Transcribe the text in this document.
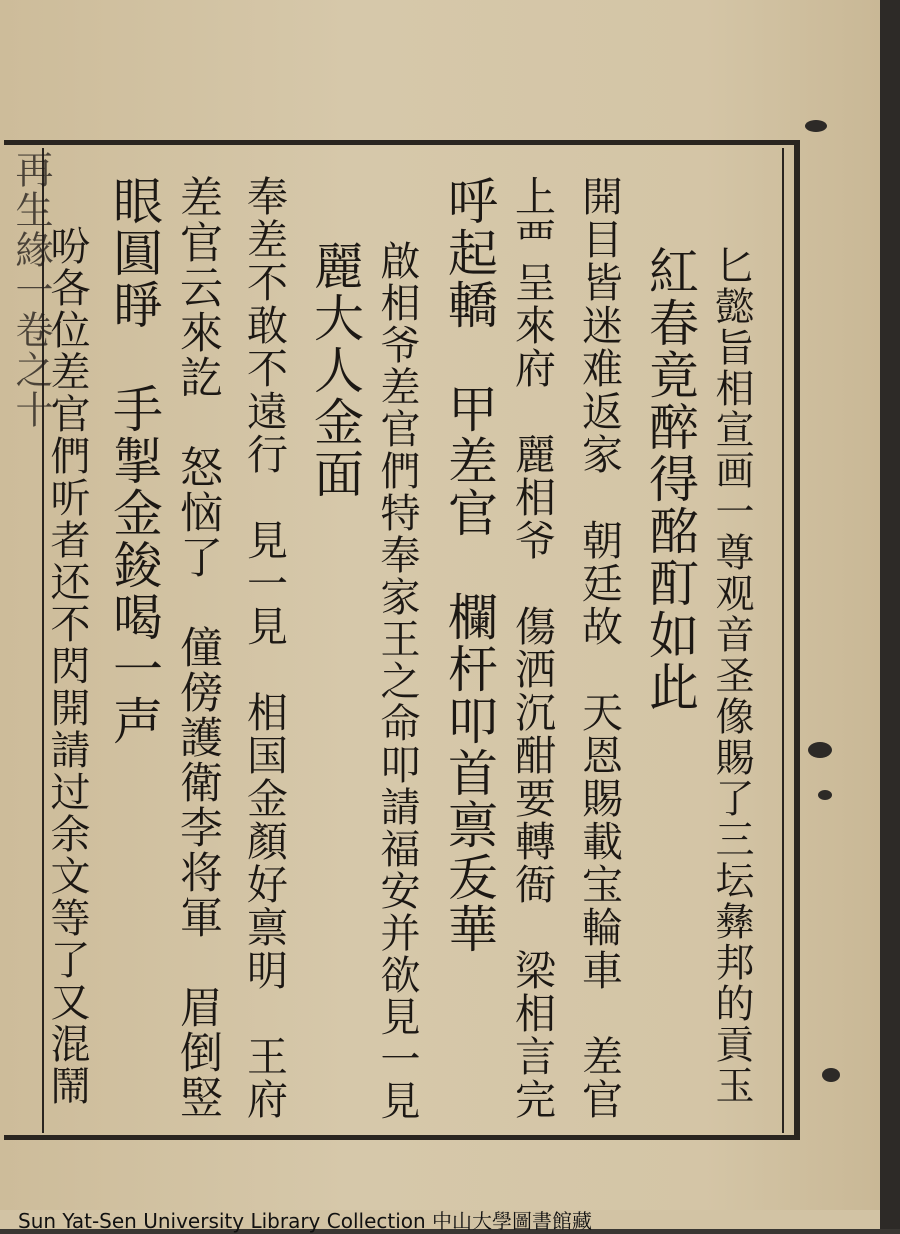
再生緣一卷之十	匕懿旨相宣画一尊观音圣像賜了三坛彝邦的貢玉
紅春竟醉得酩酊如此
開目皆迷难返家　朝廷故　天恩賜載宝輪車　差官
上覀呈來府　麗相爷　傷洒沉酣要轉衙　梁相言完
呼起轎　甲差官　欄杆叩首禀叐華
啟相爷差官們特奉家王之命叩請福安并欲見一見
麗大人金面
奉差不敢不遠行　見一見　相国金顏好禀明　王府
差官云來訖　怒恼了　僮傍護衛李将軍　眉倒竪
眼圓睜　手掣金鋑喝一声
吩各位差官們听者还不閃開請过余文等了又混鬧
Sun Yat-Sen University Library Collection 中山大學圖書館藏
